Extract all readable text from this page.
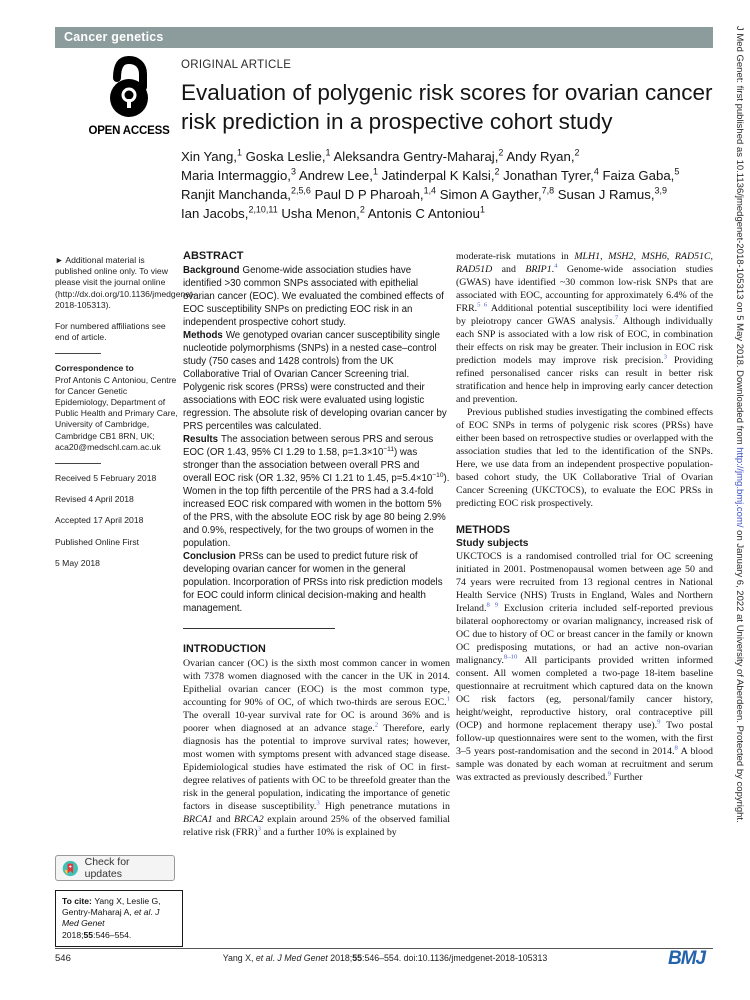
Cancer genetics	J Med Genet: first published as 10.1136/jmedgenet-2018-105313 on 5 May 2018. Downloaded from http://jmg.bmj.com/ on January 6, 2022 at University of Aberdeen. Protected by copyright.
OPEN ACCESS
ORIGINAL ARTICLE
Evaluation of polygenic risk scores for ovarian cancer risk prediction in a prospective cohort study
Xin Yang,$^1$ Goska Leslie,$^1$ Aleksandra Gentry-Maharaj,$^2$ Andy Ryan,$^2$
Maria Intermaggio,$^3$ Andrew Lee,$^1$ Jatinderpal K Kalsi,$^2$ Jonathan Tyrer,$^4$ Faiza Gaba,$^5$
Ranjit Manchanda,$^{2,5,6}$ Paul D P Pharoah,$^{1,4}$ Simon A Gayther,$^{7,8}$ Susan J Ramus,$^{3,9}$
Ian Jacobs,$^{2,10,11}$ Usha Menon,$^2$ Antonis C Antoniou$^1$

► Additional material is published online only. To view please visit the journal online (http://dx.doi.org/10.1136/jmedgenet-2018-105313).

For numbered affiliations see end of article.

Correspondence to

Prof Antonis C Antoniou, Centre for Cancer Genetic Epidemiology, Department of Public Health and Primary Care, University of Cambridge, Cambridge CB1 8RN, UK; aca20@medschl.cam.ac.uk

Received 5 February 2018

Revised 4 April 2018

Accepted 17 April 2018

Published Online First

5 May 2018

Check for updates
To cite: Yang X, Leslie G, Gentry-Maharaj A, et al. J Med Genet
2018;55:546–554.
ABSTRACT

Background Genome-wide association studies have identified >30 common SNPs associated with epithelial ovarian cancer (EOC). We evaluated the combined effects of EOC susceptibility SNPs on predicting EOC risk in an independent prospective cohort study.

Methods We genotyped ovarian cancer susceptibility single nucleotide polymorphisms (SNPs) in a nested case–control study (750 cases and 1428 controls) from the UK Collaborative Trial of Ovarian Cancer Screening trial. Polygenic risk scores (PRSs) were constructed and their associations with EOC risk were evaluated using logistic regression. The absolute risk of developing ovarian cancer by PRS percentiles was calculated.

Results The association between serous PRS and serous EOC (OR 1.43, 95% CI 1.29 to 1.58, $p=1.3\times 10^{-11}$) was stronger than the association between overall PRS and overall EOC risk (OR 1.32, 95% CI 1.21 to 1.45, $p=5.4\times 10^{-10}$). Women in the top fifth percentile of the PRS had a 3.4-fold increased EOC risk compared with women in the bottom 5% of the PRS, with the absolute EOC risk by age 80 being 2.9% and 0.9%, respectively, for the two groups of women in the population.

Conclusion PRSs can be used to predict future risk of developing ovarian cancer for women in the general population. Incorporation of PRSs into risk prediction models for EOC could inform clinical decision-making and health management.

INTRODUCTION

Ovarian cancer (OC) is the sixth most common cancer in women with 7378 women diagnosed with the cancer in the UK in 2014. Epithelial ovarian cancer (EOC) is the most common type, accounting for 90% of OC, of which two-thirds are serous EOC.$^1$ The overall 10-year survival rate for OC is around 36% and is poorer when diagnosed at an advance stage.$^2$ Therefore, early diagnosis has the potential to improve survival rates; however, most women with symptoms present with advanced stage disease. Epidemiological studies have estimated the risk of OC in first-degree relatives of patients with OC to be threefold greater than the risk in the general population, indicating the importance of genetic factors in disease susceptibility.$^3$ High penetrance mutations in BRCA1 and BRCA2 explain around 25% of the observed familial relative risk (FRR)$^3$ and a further 10% is explained by

moderate-risk mutations in MLH1, MSH2, MSH6, RAD51C, RAD51D and BRIP1.$^4$ Genome-wide association studies (GWAS) have identified ~30 common low-risk SNPs that are associated with EOC, accounting for approximately 6.4% of the FRR.$^{5 6}$ Additional potential susceptibility loci were identified by pleiotropy cancer GWAS analysis.$^7$ Although individually each SNP is associated with a low risk of EOC, in combination their effects on risk may be greater. Their inclusion in EOC risk prediction models may improve risk precision.$^3$ Providing refined personalised cancer risks can result in better risk stratification and hence help in improving early cancer detection and prevention.

Previous published studies investigating the combined effects of EOC SNPs in terms of polygenic risk scores (PRSs) have either been based on retrospective studies or overlapped with the association studies that led to the identification of the SNPs. Here, we use data from an independent prospective population-based cohort study, the UK Collaborative Trial of Ovarian Cancer Screening (UKCTOCS), to evaluate the EOC PRSs in predicting EOC risk prospectively.

METHODS
Study subjects

UKCTOCS is a randomised controlled trial for OC screening initiated in 2001. Postmenopausal women between age 50 and 74 years were recruited from 13 regional centres in National Health Service (NHS) Trusts in England, Wales and Northern Ireland.$^{8 9}$ Exclusion criteria included self-reported previous bilateral oophorectomy or ovarian malignancy, increased risk of OC due to history of OC or breast cancer in the family or known OC predisposing mutations, or had an active non-ovarian malignancy.$^{8-10}$ All participants provided written informed consent. All women completed a two-page 18-item baseline questionnaire at recruitment which captured data on the known OC risk factors (eg, personal/family cancer history, height/weight, reproductive history, oral contraceptive pill (OCP) and hormone replacement therapy use).$^9$ Two postal follow-up questionnaires were sent to the women, with the first 3–5 years post-randomisation and the second in 2014.$^8$ A blood sample was donated by each woman at recruitment and serum was extracted as previously described.$^9$ Further

546	Yang X, et al. J Med Genet 2018;55:546–554. doi:10.1136/jmedgenet-2018-105313	BMJ
